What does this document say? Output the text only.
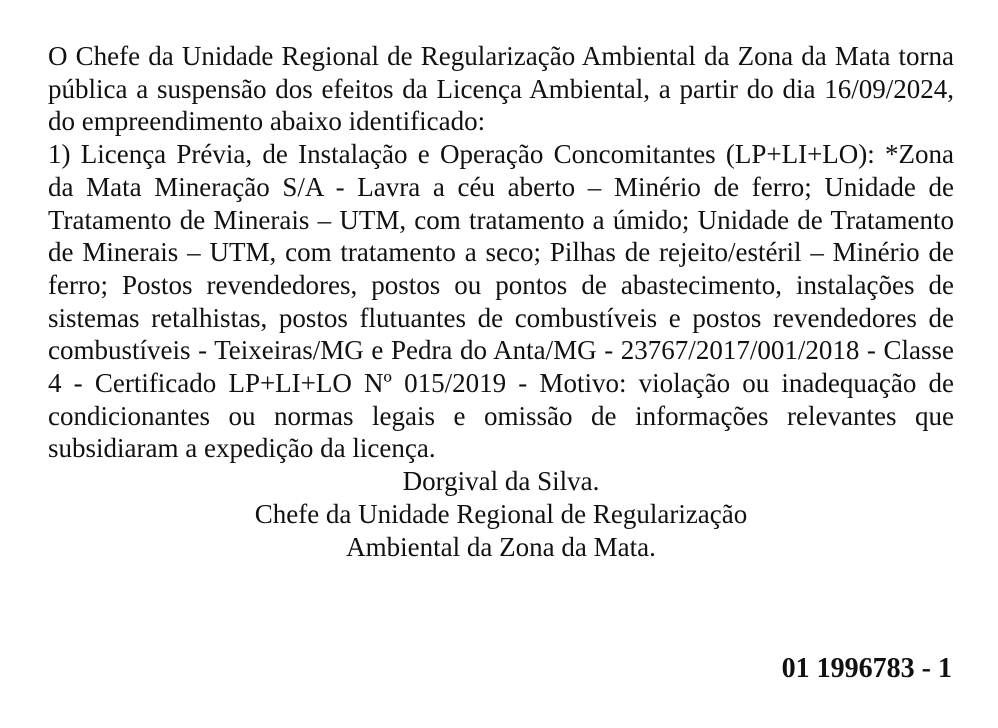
O Chefe da Unidade Regional de Regularização Ambiental da Zona da Mata torna pública a suspensão dos efeitos da Licença Ambiental, a partir do dia 16/09/2024, do empreendimento abaixo identificado:

1) Licença Prévia, de Instalação e Operação Concomitantes (LP+LI+LO): *Zona da Mata Mineração S/A - Lavra a céu aberto – Minério de ferro; Unidade de Tratamento de Minerais – UTM, com tratamento a úmido; Unidade de Tratamento de Minerais – UTM, com tratamento a seco; Pilhas de rejeito/estéril – Minério de ferro; Postos revendedores, postos ou pontos de abastecimento, instalações de sistemas retalhistas, postos flutuantes de combustíveis e postos revendedores de combustíveis - Teixeiras/MG e Pedra do Anta/MG - 23767/2017/001/2018 - Classe 4 - Certificado LP+LI+LO Nº 015/2019 - Motivo: violação ou inadequação de condicionantes ou normas legais e omissão de informações relevantes que subsidiaram a expedição da licença.

Dorgival da Silva.
Chefe da Unidade Regional de Regularização
Ambiental da Zona da Mata.
01 1996783 - 1
